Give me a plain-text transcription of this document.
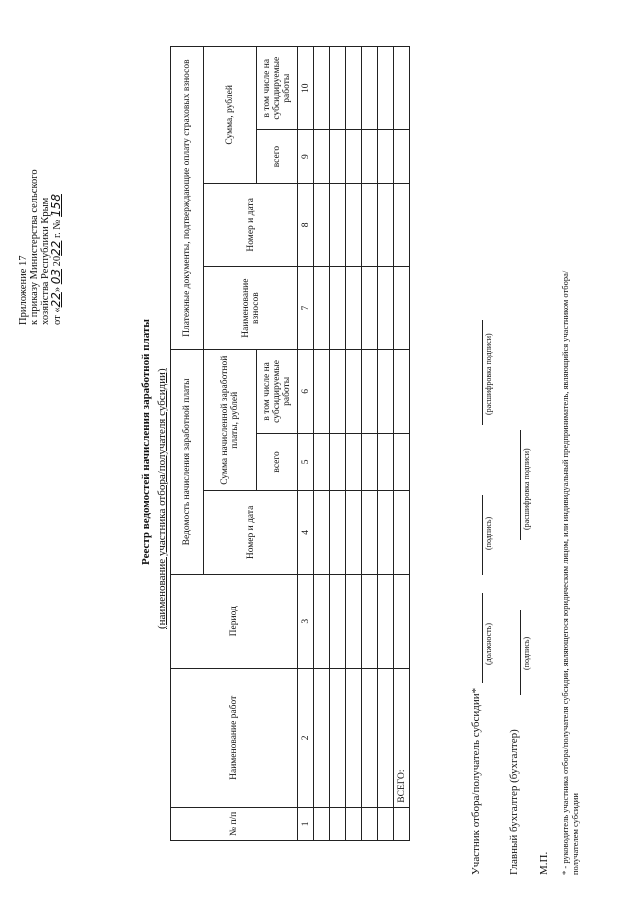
Приложение 17 к приказу Министерства сельского хозяйства Республики Крым от «22» 03 2022 г. № 158
Реестр ведомостей начисления заработной платы (наименование участника отбора/получателя субсидии)
№ п/п	Наименование работ	Период	Ведомость начисления заработной платы			Платежные документы, подтверждающие оплату страховых взносов			
			Номер и дата	Сумма начисленной заработной платы, рублей		Наименование взносов	Номер и дата	Сумма, рублей	
				всего	в том числе на субсидируемые работы			всего	в том числе на субсидируемые работы
1	2	3	4	5	6	7	8	9	10

	ВСЕГО:									Участник отбора/получатель субсидии*
(должность)
(подпись)
(расшифровка подписи)
Главный бухгалтер (бухгалтер)
(подпись)
(расшифровка подписи)
М.П. * - руководитель участника отбора/получателя субсидии, являющегося юридическим лицом, или индивидуальный предприниматель, являющийся участником отбора/получателем субсидии
